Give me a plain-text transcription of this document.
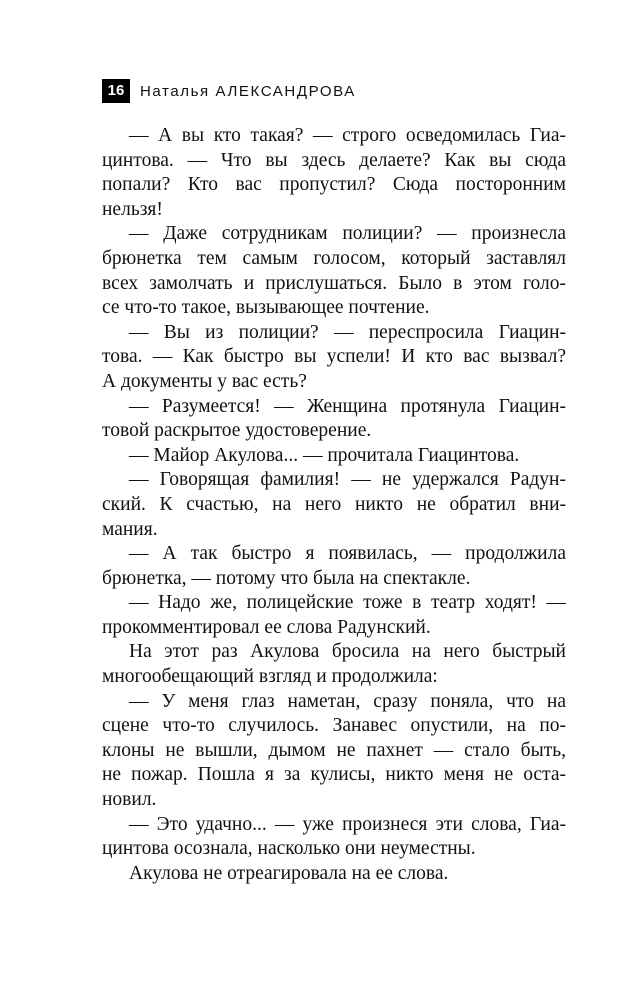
16	Наталья АЛЕКСАНДРОВА
— А вы кто такая? — строго осведомилась Гиа-
цинтова. — Что вы здесь делаете? Как вы сюда
попали? Кто вас пропустил? Сюда посторонним
нельзя!
— Даже сотрудникам полиции? — произнесла
брюнетка тем самым голосом, который заставлял
всех замолчать и прислушаться. Было в этом голо-
се что-то такое, вызывающее почтение.
— Вы из полиции? — переспросила Гиацин-
това. — Как быстро вы успели! И кто вас вызвал?
А документы у вас есть?
— Разумеется! — Женщина протянула Гиацин-
товой раскрытое удостоверение.
— Майор Акулова... — прочитала Гиацинтова.
— Говорящая фамилия! — не удержался Радун-
ский. К счастью, на него никто не обратил вни-
мания.
— А так быстро я появилась, — продолжила
брюнетка, — потому что была на спектакле.
— Надо же, полицейские тоже в театр ходят! —
прокомментировал ее слова Радунский.
На этот раз Акулова бросила на него быстрый
многообещающий взгляд и продолжила:
— У меня глаз наметан, сразу поняла, что на
сцене что-то случилось. Занавес опустили, на по-
клоны не вышли, дымом не пахнет — стало быть,
не пожар. Пошла я за кулисы, никто меня не оста-
новил.
— Это удачно... — уже произнеся эти слова, Гиа-
цинтова осознала, насколько они неуместны.
Акулова не отреагировала на ее слова.
